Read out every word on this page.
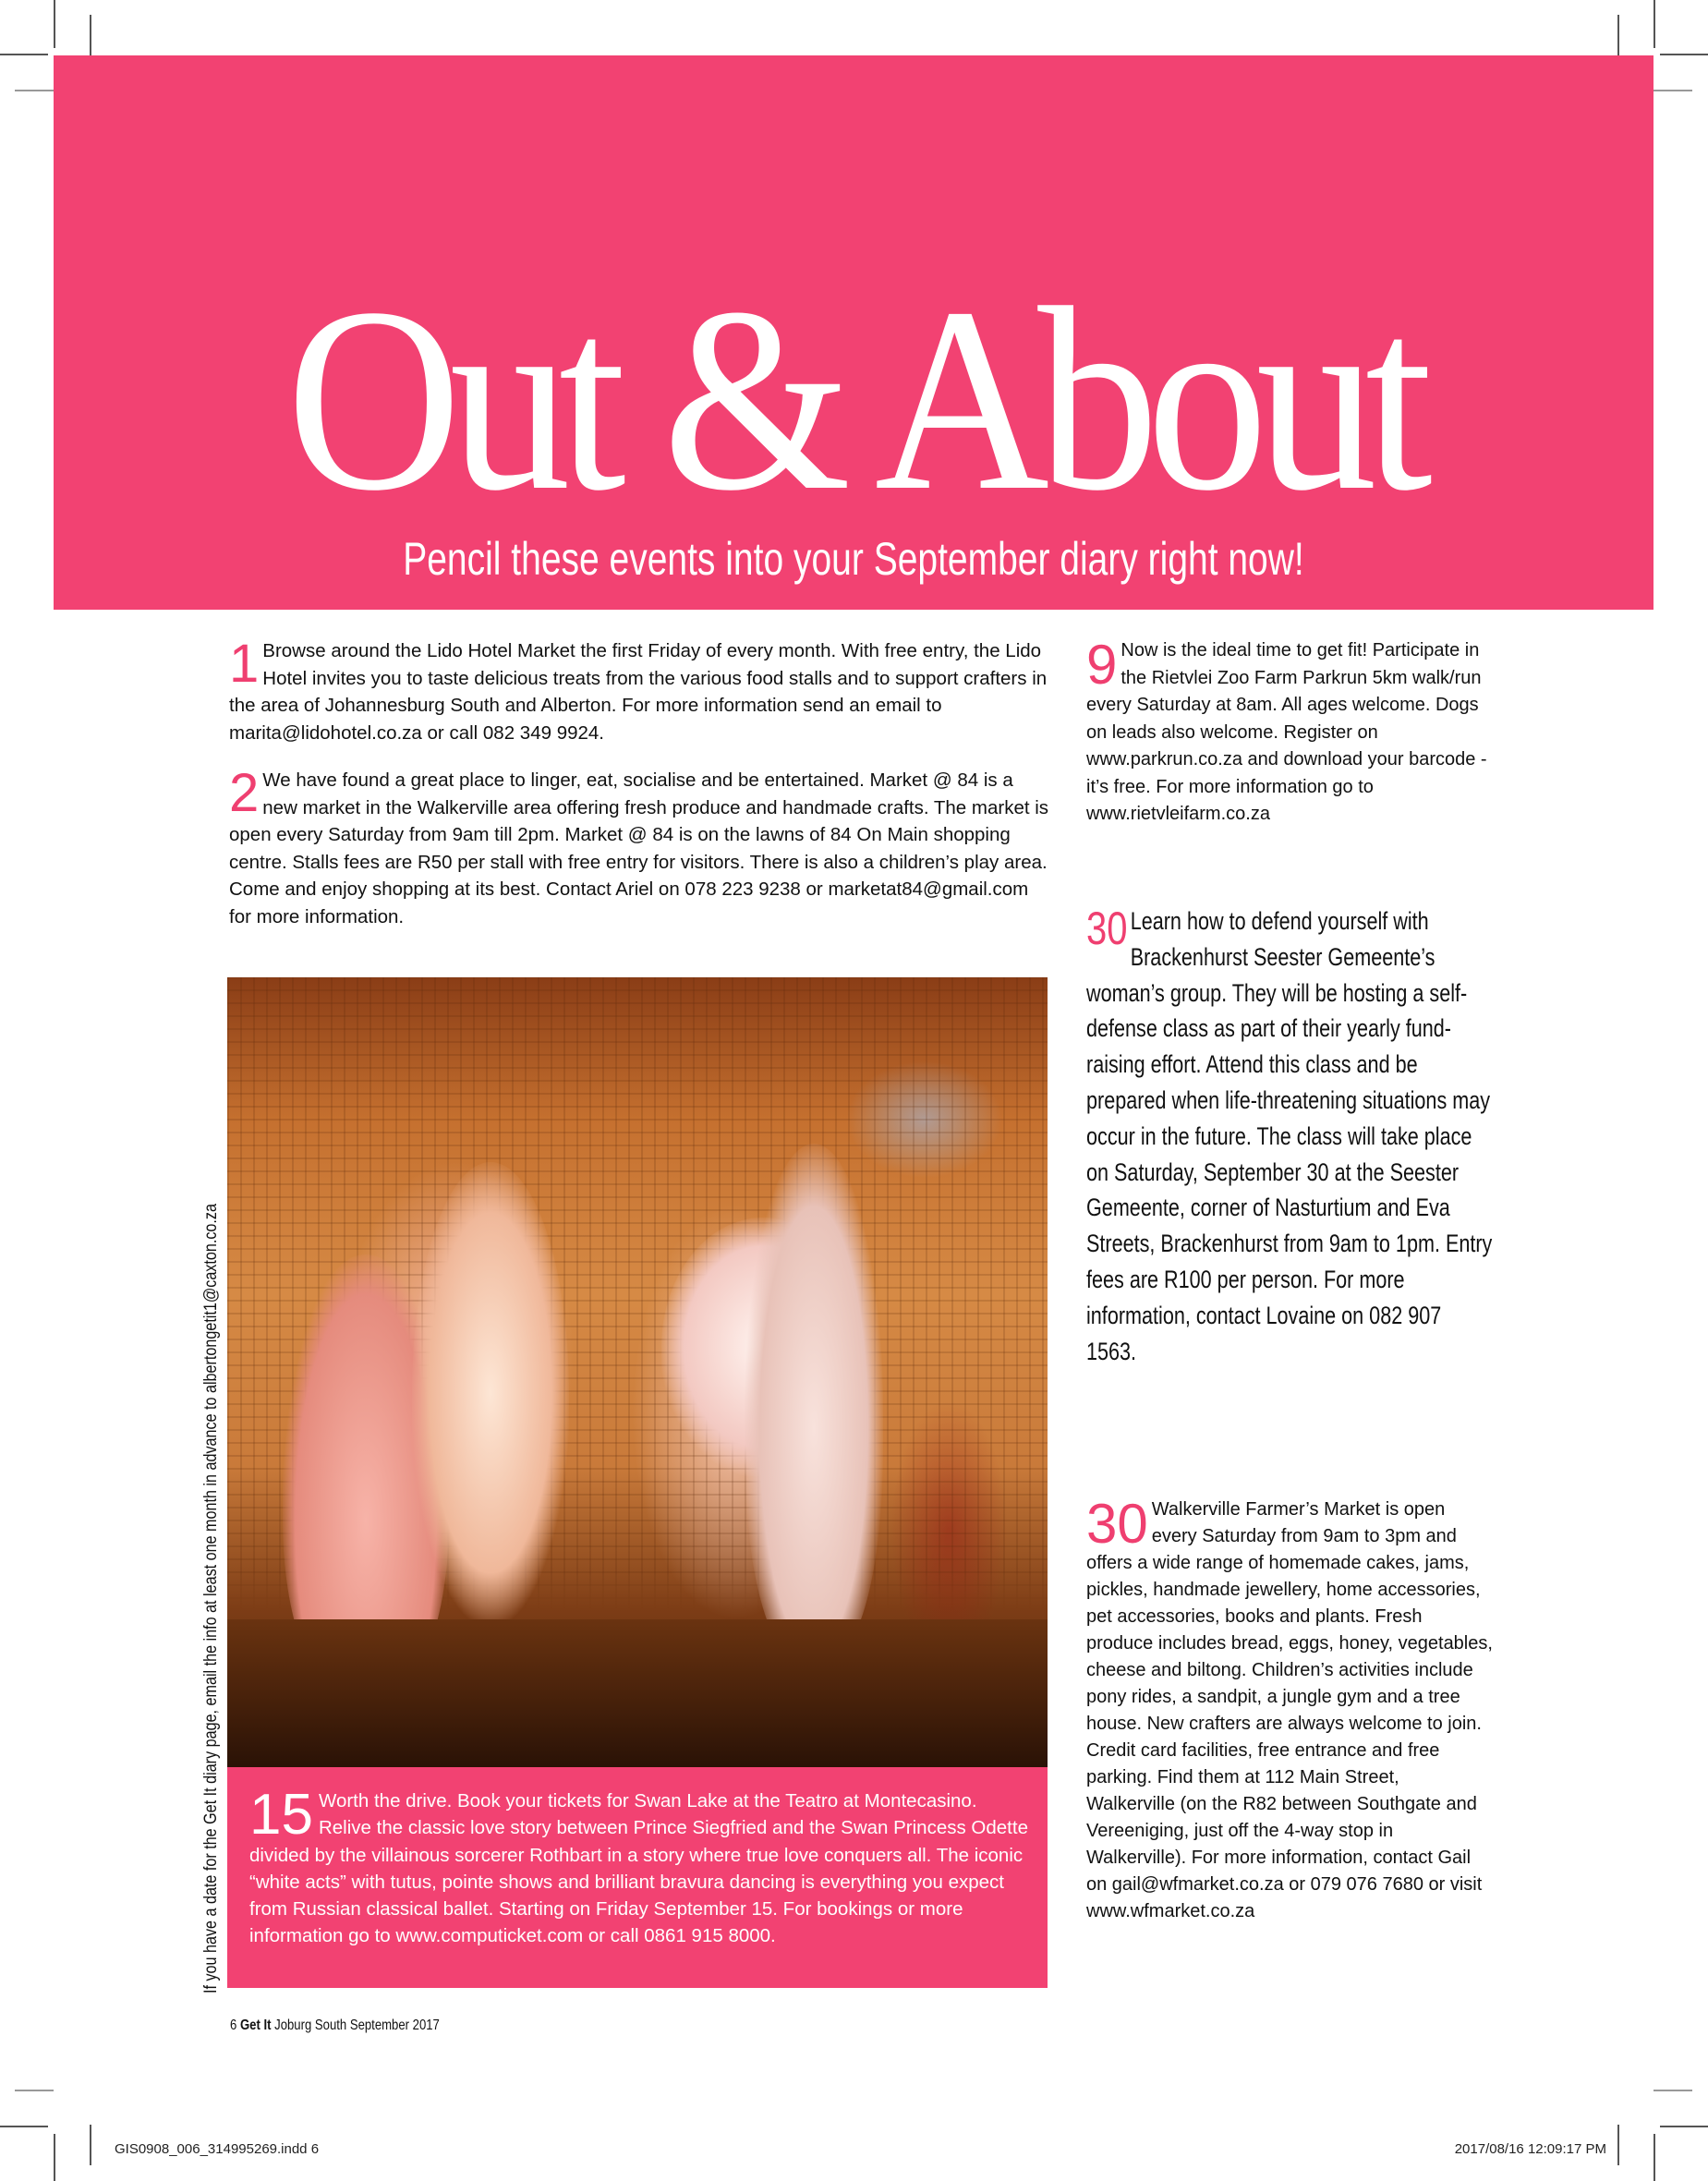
Out & About
Pencil these events into your September diary right now!
1 Browse around the Lido Hotel Market the first Friday of every month. With free entry, the Lido Hotel invites you to taste delicious treats from the various food stalls and to support crafters in the area of Johannesburg South and Alberton. For more information send an email to marita@lidohotel.co.za or call 082 349 9924.
2 We have found a great place to linger, eat, socialise and be entertained. Market @ 84 is a new market in the Walkerville area offering fresh produce and handmade crafts. The market is open every Saturday from 9am till 2pm. Market @ 84 is on the lawns of 84 On Main shopping centre. Stalls fees are R50 per stall with free entry for visitors. There is also a children’s play area. Come and enjoy shopping at its best. Contact Ariel on 078 223 9238 or marketat84@gmail.com for more information.
15 Worth the drive. Book your tickets for Swan Lake at the Teatro at Montecasino. Relive the classic love story between Prince Siegfried and the Swan Princess Odette divided by the villainous sorcerer Rothbart in a story where true love conquers all. The iconic “white acts” with tutus, pointe shows and brilliant bravura dancing is everything you expect from Russian classical ballet. Starting on Friday September 15. For bookings or more information go to www.computicket.com or call 0861 915 8000.
If you have a date for the Get It diary page, email the info at least one month in advance to albertongetit1@caxton.co.za
6 Get It Joburg South September 2017
9 Now is the ideal time to get fit! Participate in the Rietvlei Zoo Farm Parkrun 5km walk/run every Saturday at 8am. All ages welcome. Dogs on leads also welcome. Register on www.parkrun.co.za and download your barcode - it’s free. For more information go to www.rietvleifarm.co.za
30 Learn how to defend yourself with Brackenhurst Seester Gemeente’s woman’s group. They will be hosting a self-defense class as part of their yearly fund-raising effort. Attend this class and be prepared when life-threatening situations may occur in the future. The class will take place on Saturday, September 30 at the Seester Gemeente, corner of Nasturtium and Eva Streets, Brackenhurst from 9am to 1pm. Entry fees are R100 per person. For more information, contact Lovaine on 082 907 1563.
30 Walkerville Farmer’s Market is open every Saturday from 9am to 3pm and offers a wide range of homemade cakes, jams, pickles, handmade jewellery, home accessories, pet accessories, books and plants. Fresh produce includes bread, eggs, honey, vegetables, cheese and biltong. Children’s activities include pony rides, a sandpit, a jungle gym and a tree house. New crafters are always welcome to join. Credit card facilities, free entrance and free parking. Find them at 112 Main Street, Walkerville (on the R82 between Southgate and Vereeniging, just off the 4-way stop in Walkerville). For more information, contact Gail on gail@wfmarket.co.za or 079 076 7680 or visit www.wfmarket.co.za
GIS0908_006_314995269.indd 6	2017/08/16 12:09:17 PM
